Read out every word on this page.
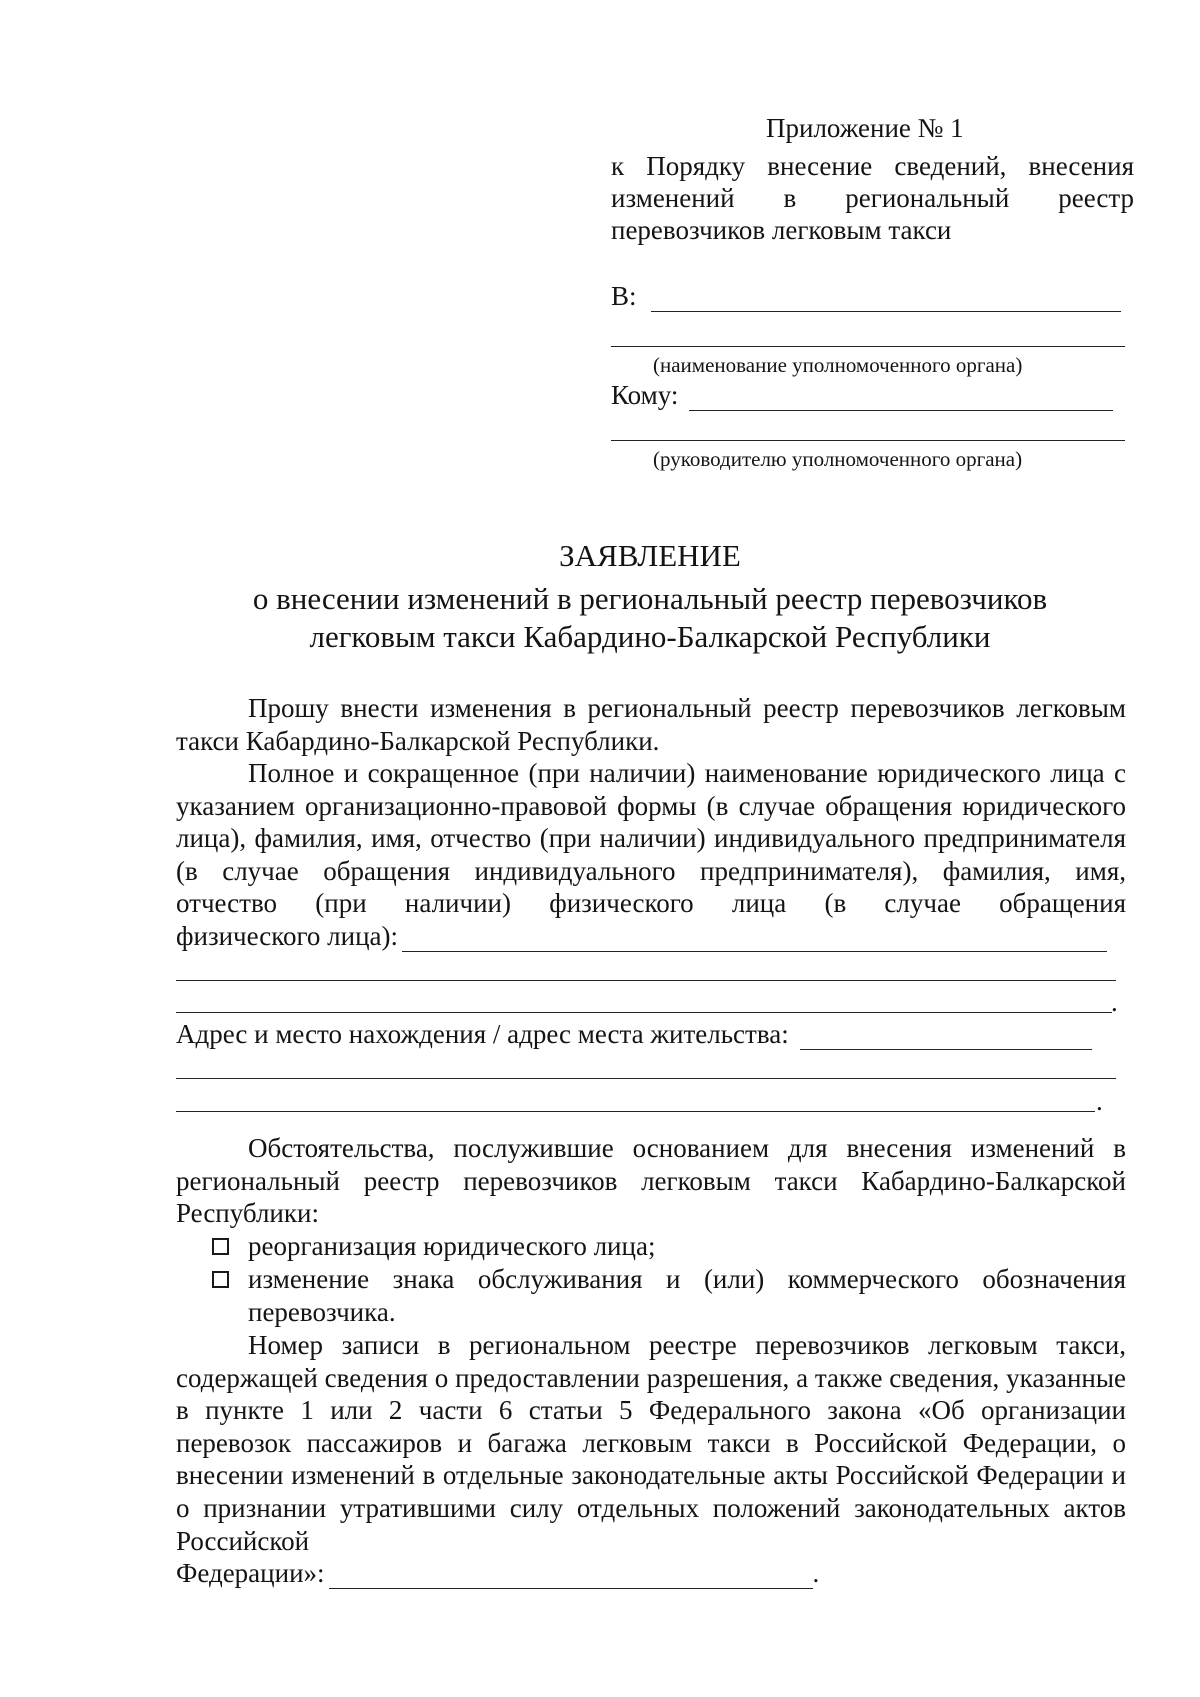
Приложение № 1
к Порядку внесение сведений, внесения изменений в региональный реестр перевозчиков легковым такси
В:
(наименование уполномоченного органа)
Кому:
(руководителю уполномоченного органа)
ЗАЯВЛЕНИЕ
о внесении изменений в региональный реестр перевозчиков
легковым такси Кабардино-Балкарской Республики
Прошу внести изменения в региональный реестр перевозчиков легковым такси Кабардино-Балкарской Республики.
Полное и сокращенное (при наличии) наименование юридического лица с указанием организационно-правовой формы (в случае обращения юридического лица), фамилия, имя, отчество (при наличии) индивидуального предпринимателя (в случае обращения индивидуального предпринимателя), фамилия, имя, отчество (при наличии) физического лица (в случае обращения
физического лица):
.
Адрес и место нахождения / адрес места жительства:
.
Обстоятельства, послужившие основанием для внесения изменений в региональный реестр перевозчиков легковым такси Кабардино-Балкарской
Республики:
реорганизация юридического лица;
изменение знака обслуживания и (или) коммерческого обозначения перевозчика.
Номер записи в региональном реестре перевозчиков легковым такси, содержащей сведения о предоставлении разрешения, а также сведения, указанные в пункте 1 или 2 части 6 статьи 5 Федерального закона «Об организации перевозок пассажиров и багажа легковым такси в Российской Федерации, о внесении изменений в отдельные законодательные акты Российской Федерации и о признании утратившими силу отдельных положений законодательных актов Российской
Федерации»:	.
